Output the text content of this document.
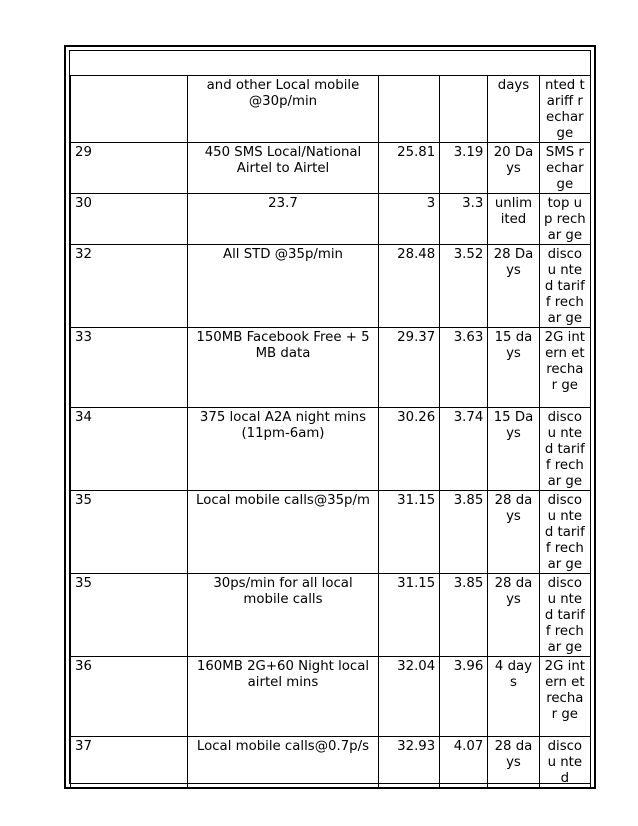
	and other Local mobile @30p/min			days	nted tariff rechar ge
29	450 SMS Local/National Airtel to Airtel	25.81	3.19	20 Days	SMS rechar ge
30	23.7	3	3.3	unlim ited	top up rechar ge
32	All STD @35p/min	28.48	3.52	28 Days	discou nted tariff rechar ge
33	150MB Facebook Free + 5 MB data	29.37	3.63	15 days	2G intern et rechar ge
34	375 local A2A night mins (11pm-6am)	30.26	3.74	15 Days	discou nted tariff rechar ge
35	Local mobile calls@35p/m	31.15	3.85	28 days	discou nted tariff rechar ge
35	30ps/min for all local mobile calls	31.15	3.85	28 days	discou nted tariff rechar ge
36	160MB 2G+60 Night local airtel mins	32.04	3.96	4 days	2G intern et rechar ge
37	Local mobile calls@0.7p/s	32.93	4.07	28 days	discou nted
